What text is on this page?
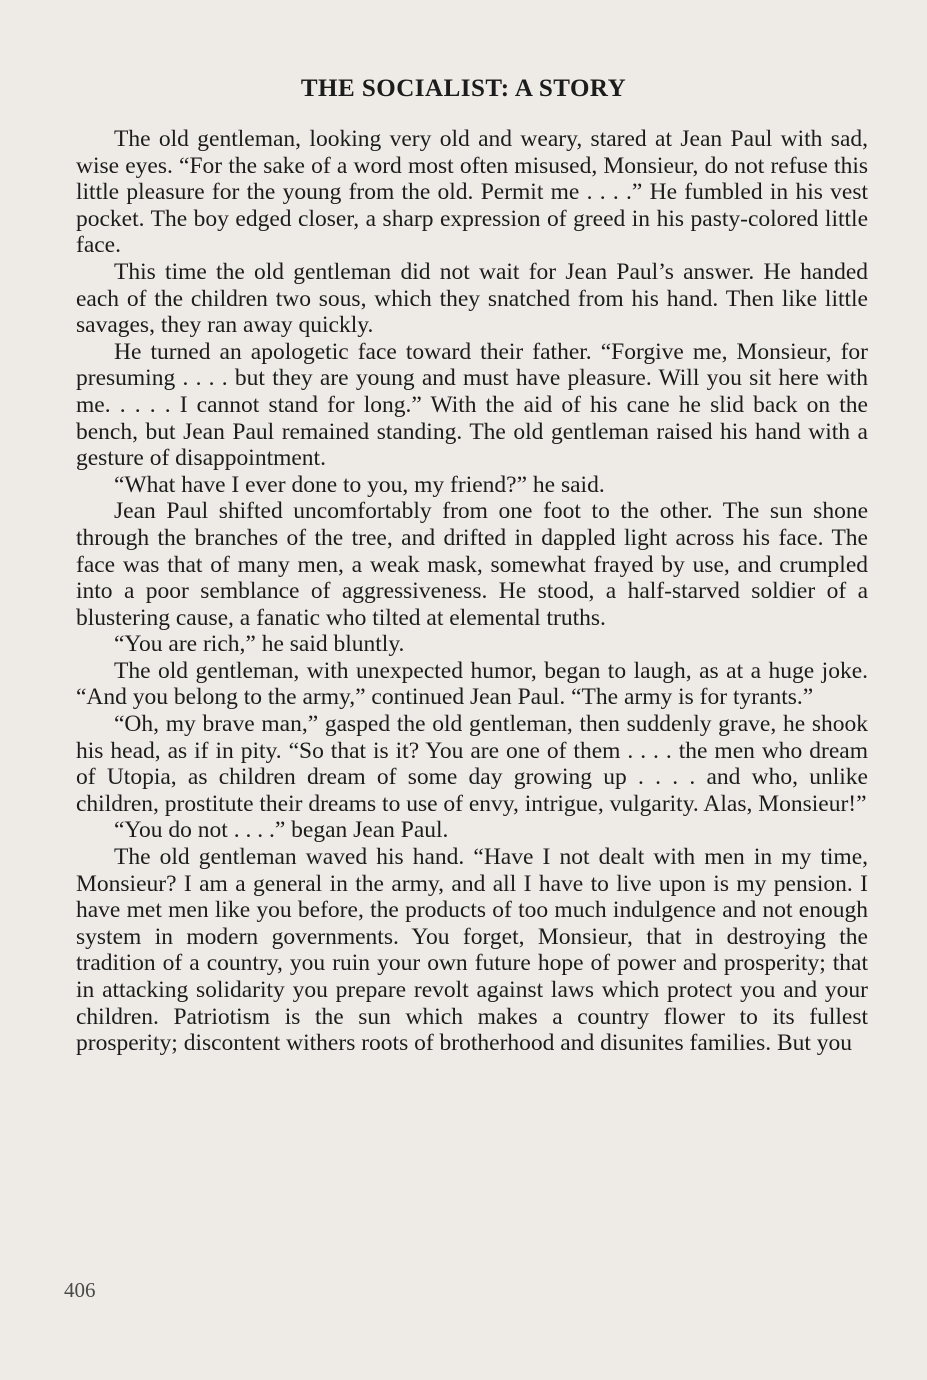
THE SOCIALIST: A STORY

The old gentleman, looking very old and weary, stared at Jean Paul with sad, wise eyes. “For the sake of a word most often misused, Monsieur, do not refuse this little pleasure for the young from the old. Permit me . . . .” He fumbled in his vest pocket. The boy edged closer, a sharp expression of greed in his pasty-colored little face.

This time the old gentleman did not wait for Jean Paul’s answer. He handed each of the children two sous, which they snatched from his hand. Then like little savages, they ran away quickly.

He turned an apologetic face toward their father. “Forgive me, Monsieur, for presuming . . . . but they are young and must have pleasure. Will you sit here with me. . . . . I cannot stand for long.” With the aid of his cane he slid back on the bench, but Jean Paul remained standing. The old gentleman raised his hand with a gesture of disappointment.

“What have I ever done to you, my friend?” he said.

Jean Paul shifted uncomfortably from one foot to the other. The sun shone through the branches of the tree, and drifted in dappled light across his face. The face was that of many men, a weak mask, somewhat frayed by use, and crumpled into a poor semblance of aggressiveness. He stood, a half-starved soldier of a blustering cause, a fanatic who tilted at elemental truths.

“You are rich,” he said bluntly.

The old gentleman, with unexpected humor, began to laugh, as at a huge joke. “And you belong to the army,” continued Jean Paul. “The army is for tyrants.”

“Oh, my brave man,” gasped the old gentleman, then suddenly grave, he shook his head, as if in pity. “So that is it? You are one of them . . . . the men who dream of Utopia, as children dream of some day growing up . . . . and who, unlike children, prostitute their dreams to use of envy, intrigue, vulgarity. Alas, Monsieur!”

“You do not . . . .” began Jean Paul.

The old gentleman waved his hand. “Have I not dealt with men in my time, Monsieur? I am a general in the army, and all I have to live upon is my pension. I have met men like you before, the products of too much indulgence and not enough system in modern governments. You forget, Monsieur, that in destroying the tradition of a country, you ruin your own future hope of power and prosperity; that in attacking solidarity you prepare revolt against laws which protect you and your children. Patriotism is the sun which makes a country flower to its fullest prosperity; discontent withers roots of brotherhood and disunites families. But you

406
